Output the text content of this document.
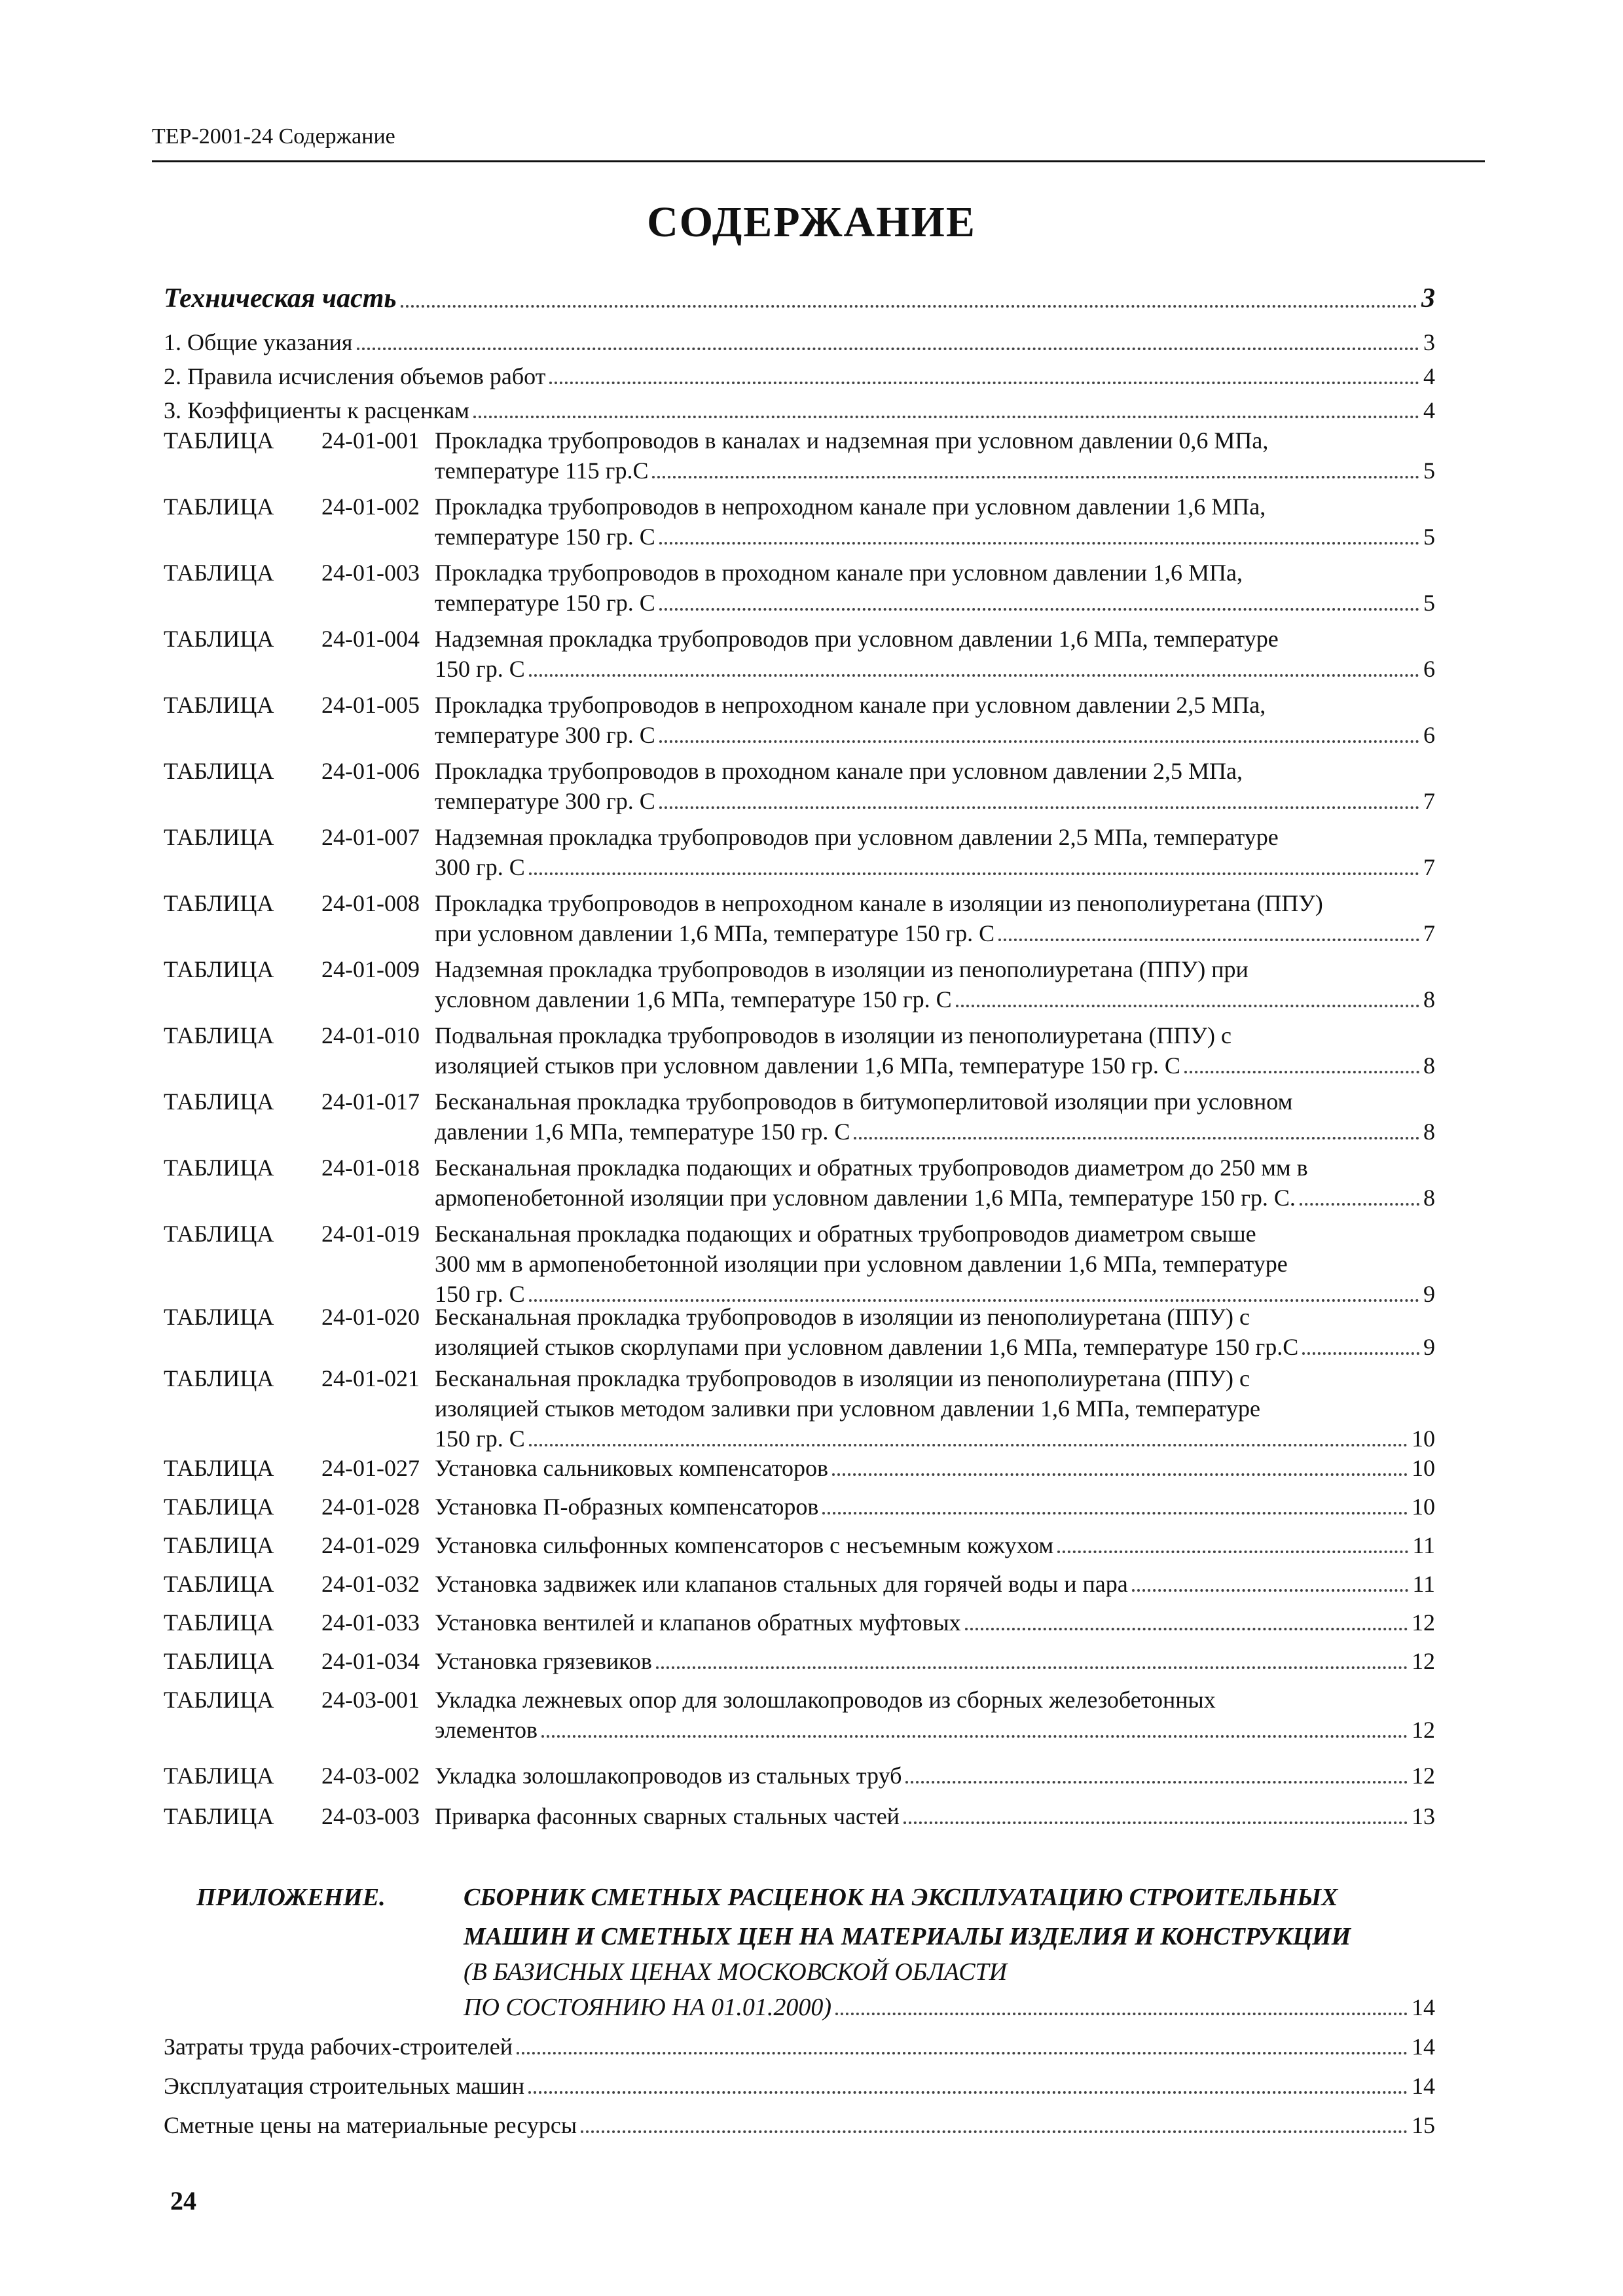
ТЕР-2001-24 Содержание
СОДЕРЖАНИЕ
Техническая часть	3
1. Общие указания	3
2. Правила исчисления объемов работ	4
3. Коэффициенты к расценкам	4
ТАБЛИЦА	24-01-001 Прокладка трубопроводов в каналах и надземная при условном давлении 0,6 МПа,
температуре 115 гр.С	5
ТАБЛИЦА	24-01-002 Прокладка трубопроводов в непроходном канале при условном давлении 1,6 МПа,
температуре 150 гр. С	5
ТАБЛИЦА	24-01-003 Прокладка трубопроводов в проходном канале при условном давлении 1,6 МПа,
температуре 150 гр. С	5
ТАБЛИЦА	24-01-004 Надземная прокладка трубопроводов при условном давлении 1,6 МПа, температуре
150 гр. С	6
ТАБЛИЦА	24-01-005 Прокладка трубопроводов в непроходном канале при условном давлении 2,5 МПа,
температуре 300 гр. С	6
ТАБЛИЦА	24-01-006 Прокладка трубопроводов в проходном канале при условном давлении 2,5 МПа,
температуре 300 гр. С	7
ТАБЛИЦА	24-01-007 Надземная прокладка трубопроводов при условном давлении 2,5 МПа, температуре
300 гр. С	7
ТАБЛИЦА	24-01-008 Прокладка трубопроводов в непроходном канале в изоляции из пенополиуретана (ППУ)
при условном давлении 1,6 МПа, температуре 150 гр. С	7
ТАБЛИЦА	24-01-009 Надземная прокладка трубопроводов в изоляции из пенополиуретана (ППУ) при
условном давлении 1,6 МПа, температуре 150 гр. С	8
ТАБЛИЦА	24-01-010 Подвальная прокладка трубопроводов в изоляции из пенополиуретана (ППУ) с
изоляцией стыков при условном давлении 1,6 МПа, температуре 150 гр. С	8
ТАБЛИЦА	24-01-017 Бесканальная прокладка трубопроводов в битумоперлитовой изоляции при условном
давлении 1,6 МПа, температуре 150 гр. С	8
ТАБЛИЦА	24-01-018 Бесканальная прокладка подающих и обратных трубопроводов диаметром до 250 мм в
армопенобетонной изоляции при условном давлении 1,6 МПа, температуре 150 гр. С.	8
ТАБЛИЦА	24-01-019 Бесканальная прокладка подающих и обратных трубопроводов диаметром свыше
300 мм в армопенобетонной изоляции при условном давлении 1,6 МПа, температуре
150 гр. С	9
ТАБЛИЦА	24-01-020 Бесканальная прокладка трубопроводов в изоляции из пенополиуретана (ППУ) с
изоляцией стыков скорлупами при условном давлении 1,6 МПа, температуре 150 гр.С	9
ТАБЛИЦА	24-01-021 Бесканальная прокладка трубопроводов в изоляции из пенополиуретана (ППУ) с
изоляцией стыков методом заливки при условном давлении 1,6 МПа, температуре
150 гр. С	10
ТАБЛИЦА	24-01-027 Установка сальниковых компенсаторов	10
ТАБЛИЦА	24-01-028 Установка П-образных компенсаторов	10
ТАБЛИЦА	24-01-029 Установка сильфонных компенсаторов с несъемным кожухом	11
ТАБЛИЦА	24-01-032 Установка задвижек или клапанов стальных для горячей воды и пара	11
ТАБЛИЦА	24-01-033 Установка вентилей и клапанов обратных муфтовых	12
ТАБЛИЦА	24-01-034 Установка грязевиков	12
ТАБЛИЦА	24-03-001 Укладка лежневых опор для золошлакопроводов из сборных железобетонных
элементов	12
ТАБЛИЦА	24-03-002 Укладка золошлакопроводов из стальных труб	12
ТАБЛИЦА	24-03-003 Приварка фасонных сварных стальных частей	13
ПРИЛОЖЕНИЕ.	СБОРНИК СМЕТНЫХ РАСЦЕНОК НА ЭКСПЛУАТАЦИЮ СТРОИТЕЛЬНЫХ
МАШИН И СМЕТНЫХ ЦЕН НА МАТЕРИАЛЫ ИЗДЕЛИЯ И КОНСТРУКЦИИ
(В БАЗИСНЫХ ЦЕНАХ МОСКОВСКОЙ ОБЛАСТИ
ПО СОСТОЯНИЮ НА 01.01.2000)	14
Затраты труда рабочих-строителей	14
Эксплуатация строительных машин	14
Сметные цены на материальные ресурсы	15
24
